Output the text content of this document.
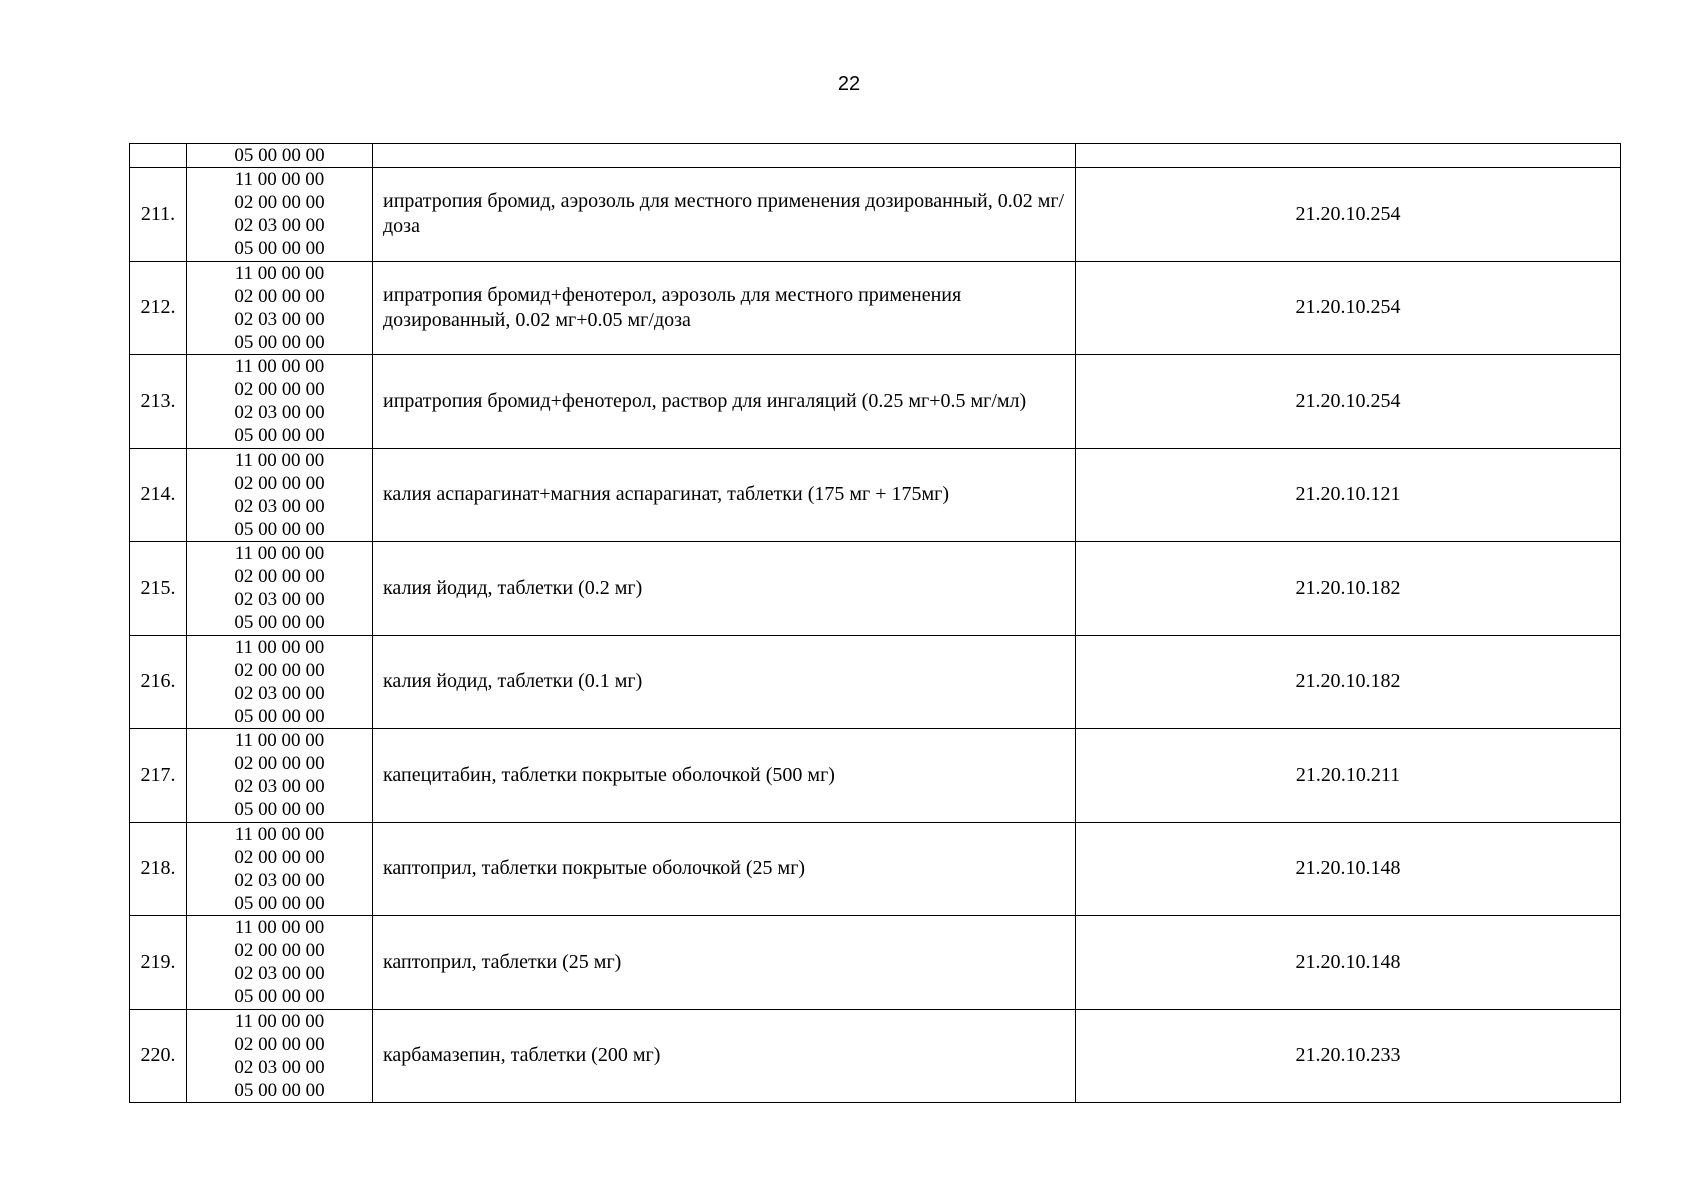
22

	05 00 00 00		

211.	11 00 00 00
02 00 00 00
02 03 00 00
05 00 00 00	ипратропия бромид, аэрозоль для местного применения дозированный, 0.02 мг/доза	21.20.10.254
212.	11 00 00 00
02 00 00 00
02 03 00 00
05 00 00 00	ипратропия бромид+фенотерол, аэрозоль для местного применения дозированный, 0.02 мг+0.05 мг/доза	21.20.10.254
213.	11 00 00 00
02 00 00 00
02 03 00 00
05 00 00 00	ипратропия бромид+фенотерол, раствор для ингаляций (0.25 мг+0.5 мг/мл)	21.20.10.254
214.	11 00 00 00
02 00 00 00
02 03 00 00
05 00 00 00	калия аспарагинат+магния аспарагинат, таблетки (175 мг + 175мг)	21.20.10.121
215.	11 00 00 00
02 00 00 00
02 03 00 00
05 00 00 00	калия йодид, таблетки (0.2 мг)	21.20.10.182
216.	11 00 00 00
02 00 00 00
02 03 00 00
05 00 00 00	калия йодид, таблетки (0.1 мг)	21.20.10.182
217.	11 00 00 00
02 00 00 00
02 03 00 00
05 00 00 00	капецитабин, таблетки покрытые оболочкой (500 мг)	21.20.10.211
218.	11 00 00 00
02 00 00 00
02 03 00 00
05 00 00 00	каптоприл, таблетки покрытые оболочкой (25 мг)	21.20.10.148
219.	11 00 00 00
02 00 00 00
02 03 00 00
05 00 00 00	каптоприл, таблетки (25 мг)	21.20.10.148
220.	11 00 00 00
02 00 00 00
02 03 00 00
05 00 00 00	карбамазепин, таблетки (200 мг)	21.20.10.233
